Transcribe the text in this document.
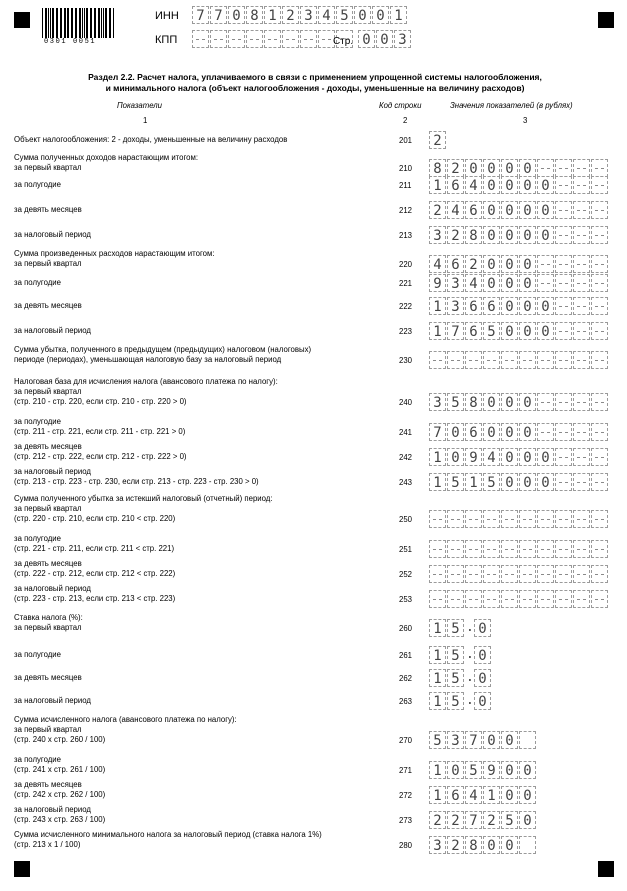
0301 0051
ИНН	7 7 0 8 1 2 3 4 5 0 0 1
КПП	Стр. 0 0 3
Раздел 2.2. Расчет налога, уплачиваемого в связи с применением упрощенной системы налогообложения,
и минимального налога (объект налогообложения - доходы, уменьшенные на величину расходов)
Показатели	Код строки	Значения показателей (в рублях)
1	2	3
Объект налогообложения: 2 - доходы, уменьшенные на величину расходов	201	2
Сумма полученных доходов нарастающим итогом:
за первый квартал	210	8 2 0 0 0 0
за полугодие	211	1 6 4 0 0 0 0
за девять месяцев	212	2 4 6 0 0 0 0
за налоговый период	213	3 2 8 0 0 0 0
Сумма произведенных расходов нарастающим итогом:
за первый квартал	220	4 6 2 0 0 0
за полугодие	221	9 3 4 0 0 0
за девять месяцев	222	1 3 6 6 0 0 0
за налоговый период	223	1 7 6 5 0 0 0
Сумма убытка, полученного в предыдущем (предыдущих) налоговом (налоговых)
периоде (периодах), уменьшающая налоговую базу за налоговый период	230
Налоговая база для исчисления налога (авансового платежа по налогу):
за первый квартал
(стр. 210 - стр. 220, если стр. 210 - стр. 220 > 0)	240	3 5 8 0 0 0
за полугодие
(стр. 211 - стр. 221, если стр. 211 - стр. 221 > 0)	241	7 0 6 0 0 0
за девять месяцев
(стр. 212 - стр. 222, если стр. 212 - стр. 222 > 0)	242	1 0 9 4 0 0 0
за налоговый период
(стр. 213 - стр. 223 - стр. 230, если стр. 213 - стр. 223 - стр. 230 > 0)	243	1 5 1 5 0 0 0
Сумма полученного убытка за истекший налоговый (отчетный) период:
за первый квартал
(стр. 220 - стр. 210, если стр. 210 < стр. 220)	250
за полугодие
(стр. 221 - стр. 211, если стр. 211 < стр. 221)	251
за девять месяцев
(стр. 222 - стр. 212, если стр. 212 < стр. 222)	252
за налоговый период
(стр. 223 - стр. 213, если стр. 213 < стр. 223)	253
Ставка налога (%):
за первый квартал	260	1 5 .	0
за полугодие	261	1 5 .	0
за девять месяцев	262	1 5 .	0
за налоговый период	263	1 5 .	0
Сумма исчисленного налога (авансового платежа по налогу):
за первый квартал
(стр. 240 х стр. 260 / 100)	270	5 3 7 0 0
за полугодие
(стр. 241 х стр. 261 / 100)	271	1 0 5 9 0 0
за девять месяцев
(стр. 242 х стр. 262 / 100)	272	1 6 4 1 0 0
за налоговый период
(стр. 243 х стр. 263 / 100)	273	2 2 7 2 5 0
Сумма исчисленного минимального налога за налоговый период (ставка налога 1%)
(стр. 213 х 1 / 100)	280	3 2 8 0 0
